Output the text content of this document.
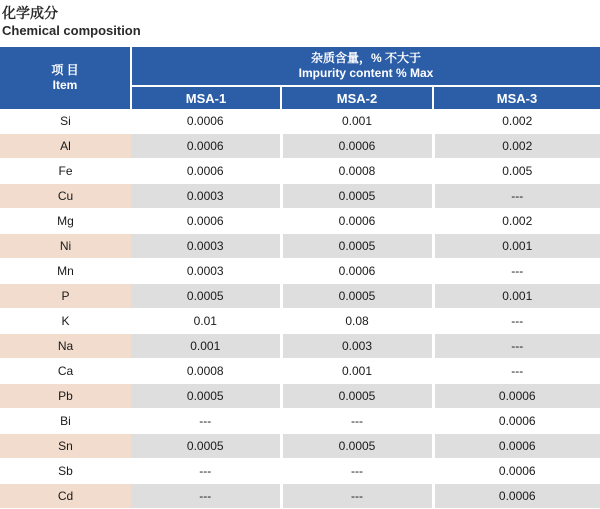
化学成分
Chemical composition
项 目
Item	杂质含量，% 不大于
Impurity content % Max		

	MSA-1	MSA-2	MSA-3
Si	0.0006	0.001	0.002
Al	0.0006	0.0006	0.002
Fe	0.0006	0.0008	0.005
Cu	0.0003	0.0005	---
Mg	0.0006	0.0006	0.002
Ni	0.0003	0.0005	0.001
Mn	0.0003	0.0006	---
P	0.0005	0.0005	0.001
K	0.01	0.08	---
Na	0.001	0.003	---
Ca	0.0008	0.001	---
Pb	0.0005	0.0005	0.0006
Bi	---	---	0.0006
Sn	0.0005	0.0005	0.0006
Sb	---	---	0.0006
Cd	---	---	0.0006
